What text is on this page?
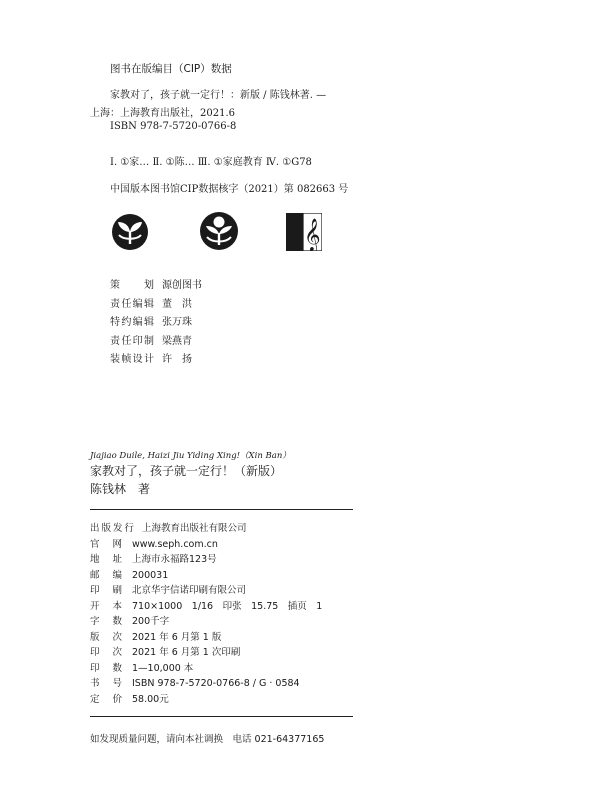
图书在版编目（CIP）数据
家教对了，孩子就一定行！：新版 / 陈钱林著. —
上海：上海教育出版社，2021.6
ISBN 978-7-5720-0766-8
Ⅰ. ①家… Ⅱ. ①陈… Ⅲ. ①家庭教育 Ⅳ. ①G78
中国版本图书馆CIP数据核字（2021）第 082663 号
𝄞
策划 源创图书
责任编辑 董　洪
特约编辑 张万珠
责任印制 梁燕青
装帧设计 许　扬
Jiajiao Duile, Haizi Jiu Yiding Xing!（Xin Ban）
家教对了，孩子就一定行！（新版）
陈钱林　著
出版发行 上海教育出版社有限公司
官网 www.seph.com.cn
地址 上海市永福路123号
邮编 200031
印刷 北京华宇信诺印刷有限公司
开本 710×1000　1/16　印张　15.75　插页　1
字数 200千字
版次 2021 年 6 月第 1 版
印次 2021 年 6 月第 1 次印刷
印数 1—10,000 本
书号 ISBN 978-7-5720-0766-8 / G · 0584
定价 58.00元
如发现质量问题，请向本社调换　电话 021-64377165
